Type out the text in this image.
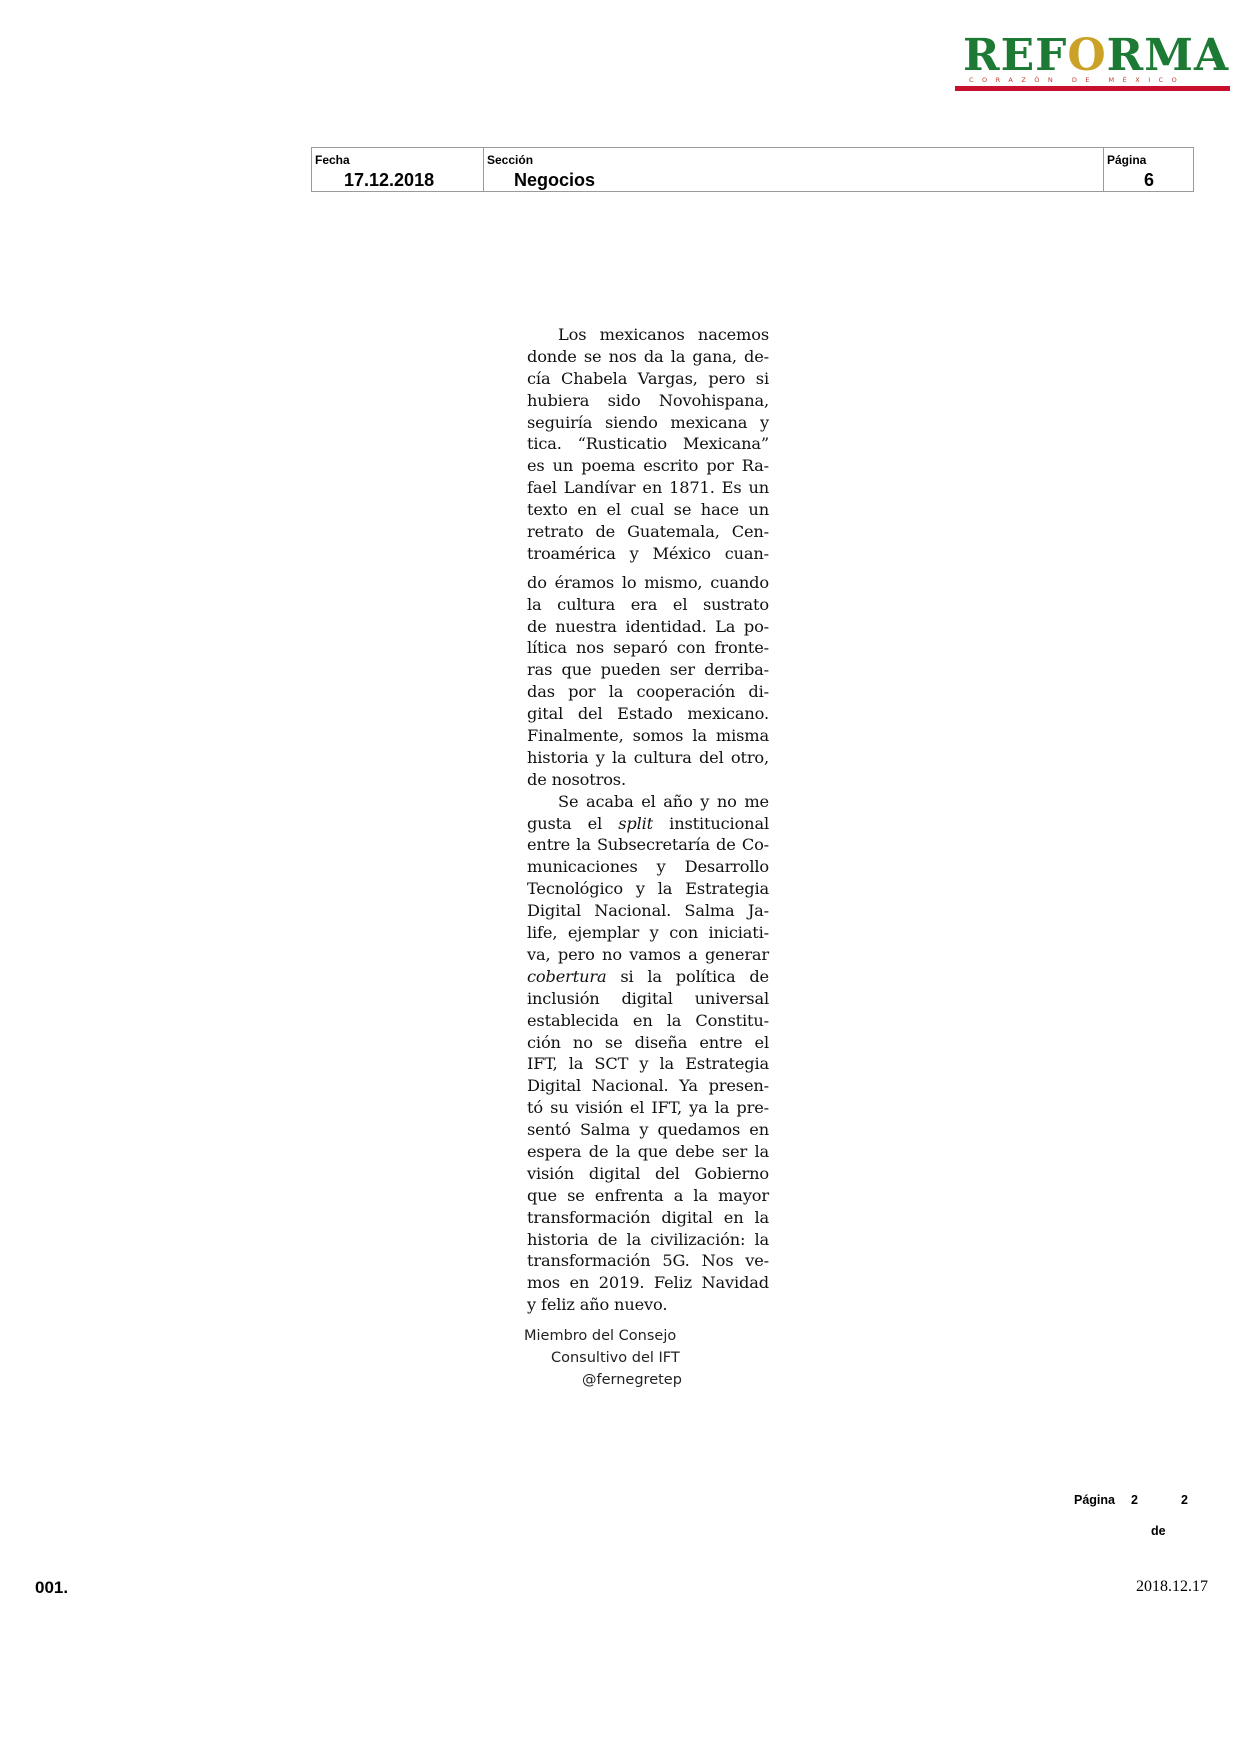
REFORMA
CORAZÓN DE MÉXICO
Fecha
17.12.2018
Sección
Negocios
Página
6
Los mexicanos nacemos
donde se nos da la gana, de-
cía Chabela Vargas, pero si
hubiera sido Novohispana,
seguiría siendo mexicana y
tica. “Rusticatio Mexicana”
es un poema escrito por Ra-
fael Landívar en 1871. Es un
texto en el cual se hace un
retrato de Guatemala, Cen-
troamérica y México cuan-
do éramos lo mismo, cuando
la cultura era el sustrato
de nuestra identidad. La po-
lítica nos separó con fronte-
ras que pueden ser derriba-
das por la cooperación di-
gital del Estado mexicano.
Finalmente, somos la misma
historia y la cultura del otro,
de nosotros.
Se acaba el año y no me
gusta el split institucional
entre la Subsecretaría de Co-
municaciones y Desarrollo
Tecnológico y la Estrategia
Digital Nacional. Salma Ja-
life, ejemplar y con iniciati-
va, pero no vamos a generar
cobertura si la política de
inclusión digital universal
establecida en la Constitu-
ción no se diseña entre el
IFT, la SCT y la Estrategia
Digital Nacional. Ya presen-
tó su visión el IFT, ya la pre-
sentó Salma y quedamos en
espera de la que debe ser la
visión digital del Gobierno
que se enfrenta a la mayor
transformación digital en la
historia de la civilización: la
transformación 5G. Nos ve-
mos en 2019. Feliz Navidad
y feliz año nuevo.
Miembro del Consejo
Consultivo del IFT
@fernegretep
Página 2	2
de
001.	2018.12.17
